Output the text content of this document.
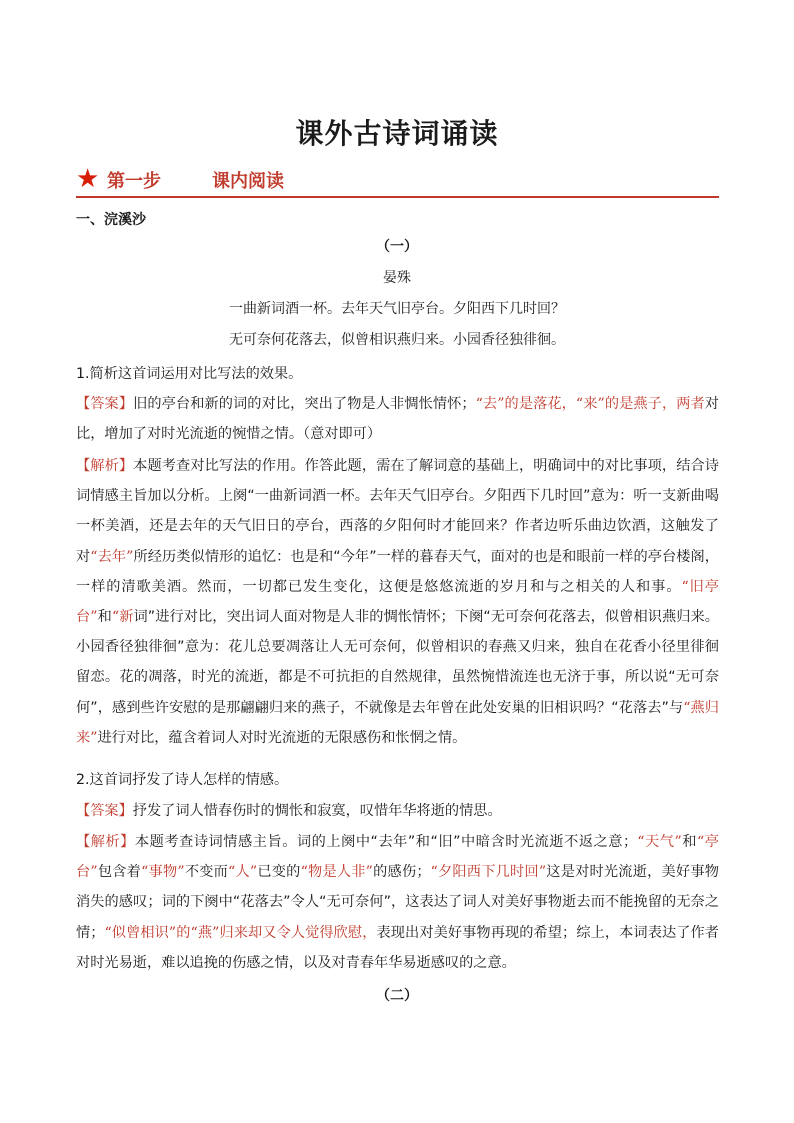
课外古诗词诵读
★ 第一步	课内阅读
一、浣溪沙
（一）
晏殊
一曲新词酒一杯。去年天气旧亭台。夕阳西下几时回？
无可奈何花落去，似曾相识燕归来。小园香径独徘徊。
1.简析这首词运用对比写法的效果。
【答案】旧的亭台和新的词的对比，突出了物是人非惆怅情怀；“去”的是落花，“来”的是燕子，两者对比，增加了对时光流逝的惋惜之情。（意对即可）
【解析】本题考查对比写法的作用。作答此题，需在了解词意的基础上，明确词中的对比事项，结合诗词情感主旨加以分析。上阕“一曲新词酒一杯。去年天气旧亭台。夕阳西下几时回”意为：听一支新曲喝一杯美酒，还是去年的天气旧日的亭台，西落的夕阳何时才能回来？作者边听乐曲边饮酒，这触发了对“去年”所经历类似情形的追忆：也是和“今年”一样的暮春天气，面对的也是和眼前一样的亭台楼阁，一样的清歌美酒。然而，一切都已发生变化，这便是悠悠流逝的岁月和与之相关的人和事。“旧亭台”和“新词”进行对比，突出词人面对物是人非的惆怅情怀；下阕“无可奈何花落去，似曾相识燕归来。小园香径独徘徊”意为：花儿总要凋落让人无可奈何，似曾相识的春燕又归来，独自在花香小径里徘徊留恋。花的凋落，时光的流逝，都是不可抗拒的自然规律，虽然惋惜流连也无济于事，所以说“无可奈何”，感到些许安慰的是那翩翩归来的燕子，不就像是去年曾在此处安巢的旧相识吗？“花落去”与“燕归来”进行对比，蕴含着词人对时光流逝的无限感伤和怅惘之情。
2.这首词抒发了诗人怎样的情感。
【答案】抒发了词人惜春伤时的惆怅和寂寞，叹惜年华将逝的情思。
【解析】本题考查诗词情感主旨。词的上阕中“去年”和“旧”中暗含时光流逝不返之意；“天气”和“亭台”包含着“事物”不变而“人”已变的“物是人非”的感伤；“夕阳西下几时回”这是对时光流逝，美好事物消失的感叹；词的下阕中“花落去”令人“无可奈何”，这表达了词人对美好事物逝去而不能挽留的无奈之情；“似曾相识”的“燕”归来却又令人觉得欣慰，表现出对美好事物再现的希望；综上，本词表达了作者对时光易逝，难以追挽的伤感之情，以及对青春年华易逝感叹的之意。
（二）
